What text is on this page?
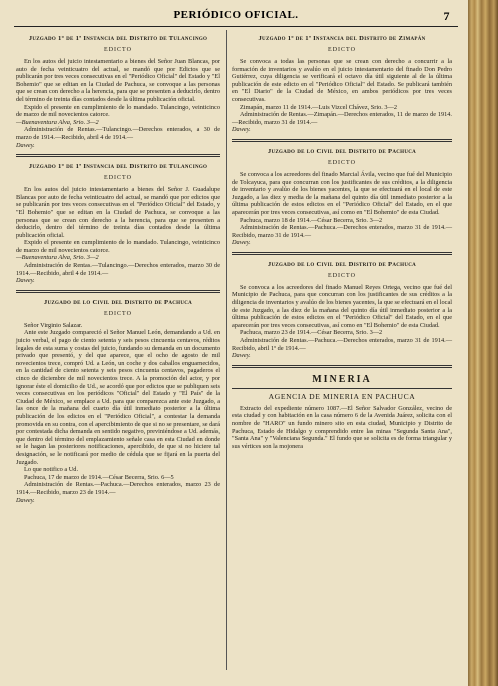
PERIÓDICO OFICIAL.	7
Juzgado 1º de 1ª Instancia del Distrito de Tulancingo
EDICTO

En los autos del juicio intestamentario a bienes del Señor Juan Blancas, por auto de fecha veinticuatro del actual, se mandó que por Edictos que se publicarán por tres veces consecutivas en el "Periódico Oficial" del Estado y "El Bohemio" que se editan en la Ciudad de Pachuca, se convoque a las personas que se crean con derecho a la herencia, para que se presenten a deducirlo, dentro del término de treinta días contados desde la última publicación oficial.

Expido el presente en cumplimiento de lo mandado. Tulancingo, veinticinco de marzo de mil novecientos catorce.

—Buenaventura Alva, Srio. 3—2

Administración de Rentas.—Tulancingo.—Derechos enterados, a 30 de marzo de 1914.—Recibido, abril 4 de 1914.—

Dawey.

Juzgado 1º de 1ª Instancia del Distrito de Tulancingo
EDICTO

En los autos del juicio intestamentario a bienes del Señor J. Guadalupe Blancas por auto de fecha veinticuatro del actual, se mandó que por edictos que se publicarán por tres veces consecutivas en el "Periódico Oficial" del Estado, y "El Bohemio" que se editan en la Ciudad de Pachuca, se convoque a las personas que se crean con derecho a la herencia, para que se presenten a deducirlo, dentro del término de treinta días contados desde la última publicación oficial.

Expido el presente en cumplimiento de lo mandado. Tulancingo, veinticinco de marzo de mil novecientos catorce.

—Buenaventura Alva, Srio. 3—2

Administración de Rentas.—Tulancingo.—Derechos enterados, marzo 30 de 1914.—Recibido, abril 4 de 1914.—

Dawey.

Juzgado de lo Civil del Distrito de Pachuca
EDICTO

Señor Virginio Salazar.

Ante este Juzgado compareció el Señor Manuel León, demandando a Ud. en juicio verbal, el pago de ciento setenta y seis pesos cincuenta centavos, réditos legales de esta suma y costas del juicio, fundando su demanda en un documento privado que presentó, y del que aparece, que el ocho de agosto de mil novecientos trece, compró Ud. a León, un coche y dos caballos enguarnecidos, en la cantidad de ciento setenta y seis pesos cincuenta centavos, pagaderos el cinco de diciembre de mil novecientos trece. A la promoción del actor, y por ignorar éste el domicilio de Ud., se acordó que por edictos que se publiquen seis veces consecutivas en los periódicos "Oficial" del Estado y "El País" de la Ciudad de México, se emplace a Ud. para que comparezca ante este Juzgado, a las once de la mañana del cuarto día útil inmediato posterior a la última publicación de los edictos en el "Periódico Oficial", a contestar la demanda promovida en su contra, con el apercibimiento de que si no se presentare, se dará por contestada dicha demanda en sentido negativo, previniéndose a Ud. además, que dentro del término del emplazamiento señale casa en esta Ciudad en donde se le hagan las posteriores notificaciones, apercibido, de que si no hiciere tal designación, se le notificará por medio de cédula que se fijará en la puerta del Juzgado.

Lo que notifico a Ud.

Pachuca, 17 de marzo de 1914.—César Becerra, Srio. 6—5

Administración de Rentas.—Pachuca.—Derechos enterados, marzo 23 de 1914.—Recibido, marzo 23 de 1914.—

Dawey.

Juzgado 1º de 1ª Instancia del Distrito de Zimapán
EDICTO

Se convoca a todas las personas que se crean con derecho a concurrir a la formación de inventarios y avalúo en el juicio intestamentario del finado Don Pedro Gutiérrez, cuya diligencia se verificará el octavo día útil siguiente al de la última publicación de este edicto en el "Periódico Oficial" del Estado. Se publicará también en "El Diario" de la Ciudad de México, en ambos periódicos por tres veces consecutivas.

Zimapán, marzo 11 de 1914.—Luis Vizcel Chávez, Srio. 3—2

Administración de Rentas.—Zimapán.—Derechos enterados, 11 de marzo de 1914.—Recibido, marzo 31 de 1914.—

Dawey.

Juzgado de lo Civil del Distrito de Pachuca
EDICTO

Se convoca a los acreedores del finado Marcial Ávila, vecino que fué del Municipio de Tolcayuca, para que concurran con los justificantes de sus créditos, a la diligencia de inventario y avalúo de los bienes yacentes, la que se efectuará en el local de este Juzgado, a las diez y media de la mañana del quinto día útil inmediato posterior a la última publicación de estos edictos en el "Periódico Oficial" del Estado, en el que aparecerán por tres veces consecutivas, así como en "El Bohemio" de esta Ciudad.

Pachuca, marzo 18 de 1914.—César Becerra, Srio. 3—2

Administración de Rentas.—Pachuca.—Derechos enterados, marzo 31 de 1914.—Recibido, marzo 31 de 1914.—

Dawey.

Juzgado de lo Civil del Distrito de Pachuca
EDICTO

Se convoca a los acreedores del finado Manuel Reyes Ortega, vecino que fué del Municipio de Pachuca, para que concurran con los justificantes de sus créditos a la diligencia de inventarios y avalúo de los bienes yacentes, la que se efectuará en el local de este Juzgado, a las diez de la mañana del quinto día útil inmediato posterior a la última publicación de estos edictos en el "Periódico Oficial" del Estado, en el que aparecerán por tres veces consecutivas, así como en "El Bohemio" de esta Ciudad.

Pachuca, marzo 23 de 1914.—César Becerra, Srio. 3—2

Administración de Rentas.—Pachuca.—Derechos enterados, marzo 31 de 1914.—Recibido, abril 1º de 1914.—

Dawey.

MINERIA
AGENCIA DE MINERIA EN PACHUCA

Extracto del expediente número 1087.—El Señor Salvador González, vecino de esta ciudad y con habitación en la casa número 6 de la Avenida Juárez, solicita con el nombre de "HARO" un fundo minero sito en esta ciudad, Municipio y Distrito de Pachuca, Estado de Hidalgo y comprendido entre las minas "Segunda Santa Ana", "Santa Ana" y "Valenciana Segunda." El fundo que se solicita es de forma triangular y sus vértices son la mojonera
